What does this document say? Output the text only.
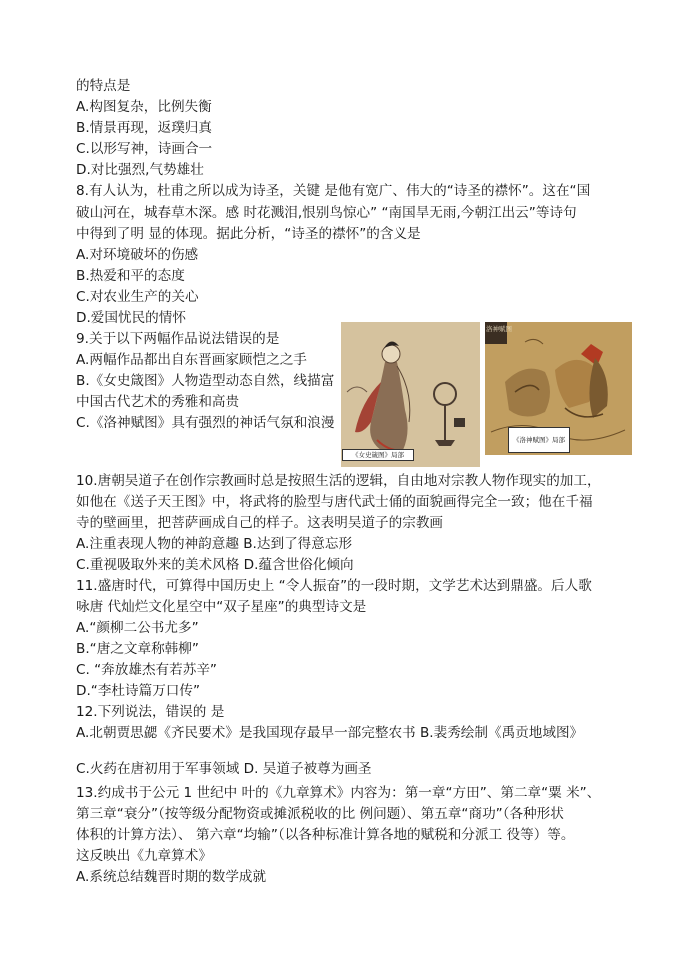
的特点是
A.构图复杂，比例失衡
B.情景再现，返璞归真
C.以形写神，诗画合一
D.对比强烈,气势雄壮
8.有人认为，杜甫之所以成为诗圣，关键 是他有宽广、伟大的“诗圣的襟怀”。这在“国
破山河在，城春草木深。感 时花溅泪,恨别鸟惊心” “南国旱无雨,今朝江出云”等诗句
中得到了明 显的体现。据此分析，“诗圣的襟怀”的含义是
A.对环境破坏的伤感
B.热爱和平的态度
C.对农业生产的关心
D.爱国忧民的情怀
9.关于以下两幅作品说法错误的是
A.两幅作品都出自东晋画家顾恺之之手
B.《女史箴图》人物造型动态自然，线描富
中国古代艺术的秀雅和高贵
C.《洛神赋图》具有强烈的神话气氛和浪漫
10.唐朝吴道子在创作宗教画时总是按照生活的逻辑，自由地对宗教人物作现实的加工，
如他在《送子天王图》中，将武将的脸型与唐代武士俑的面貌画得完全一致；他在千福
寺的壁画里，把菩萨画成自己的样子。这表明吴道子的宗教画
A.注重表现人物的神韵意趣 B.达到了得意忘形
C.重视吸取外来的美术风格 D.蕴含世俗化倾向
11.盛唐时代，可算得中国历史上 “令人振奋”的一段时期，文学艺术达到鼎盛。后人歌
咏唐 代灿烂文化星空中“双子星座”的典型诗文是
A.“颜柳二公书尤多”
B.“唐之文章称韩柳”
C. “奔放雄杰有若苏辛”
D.“李杜诗篇万口传”
12.下列说法，错误的 是
A.北朝贾思勰《齐民要术》是我国现存最早一部完整农书 B.裴秀绘制《禹贡地域图》
C.火药在唐初用于军事领域 D. 吴道子被尊为画圣
13.约成书于公元 1 世纪中 叶的《九章算术》内容为：第一章“方田”、第二章“粟 米”、
第三章“衰分”（按等级分配物资或摊派税收的比 例问题）、第五章“商功”（各种形状
体积的计算方法）、 第六章“均输”（以各种标准计算各地的赋税和分派工 役等）等。
这反映出《九章算术》
A.系统总结魏晋时期的数学成就
《女史箴图》局部
洛神赋图
《洛神赋图》局部
